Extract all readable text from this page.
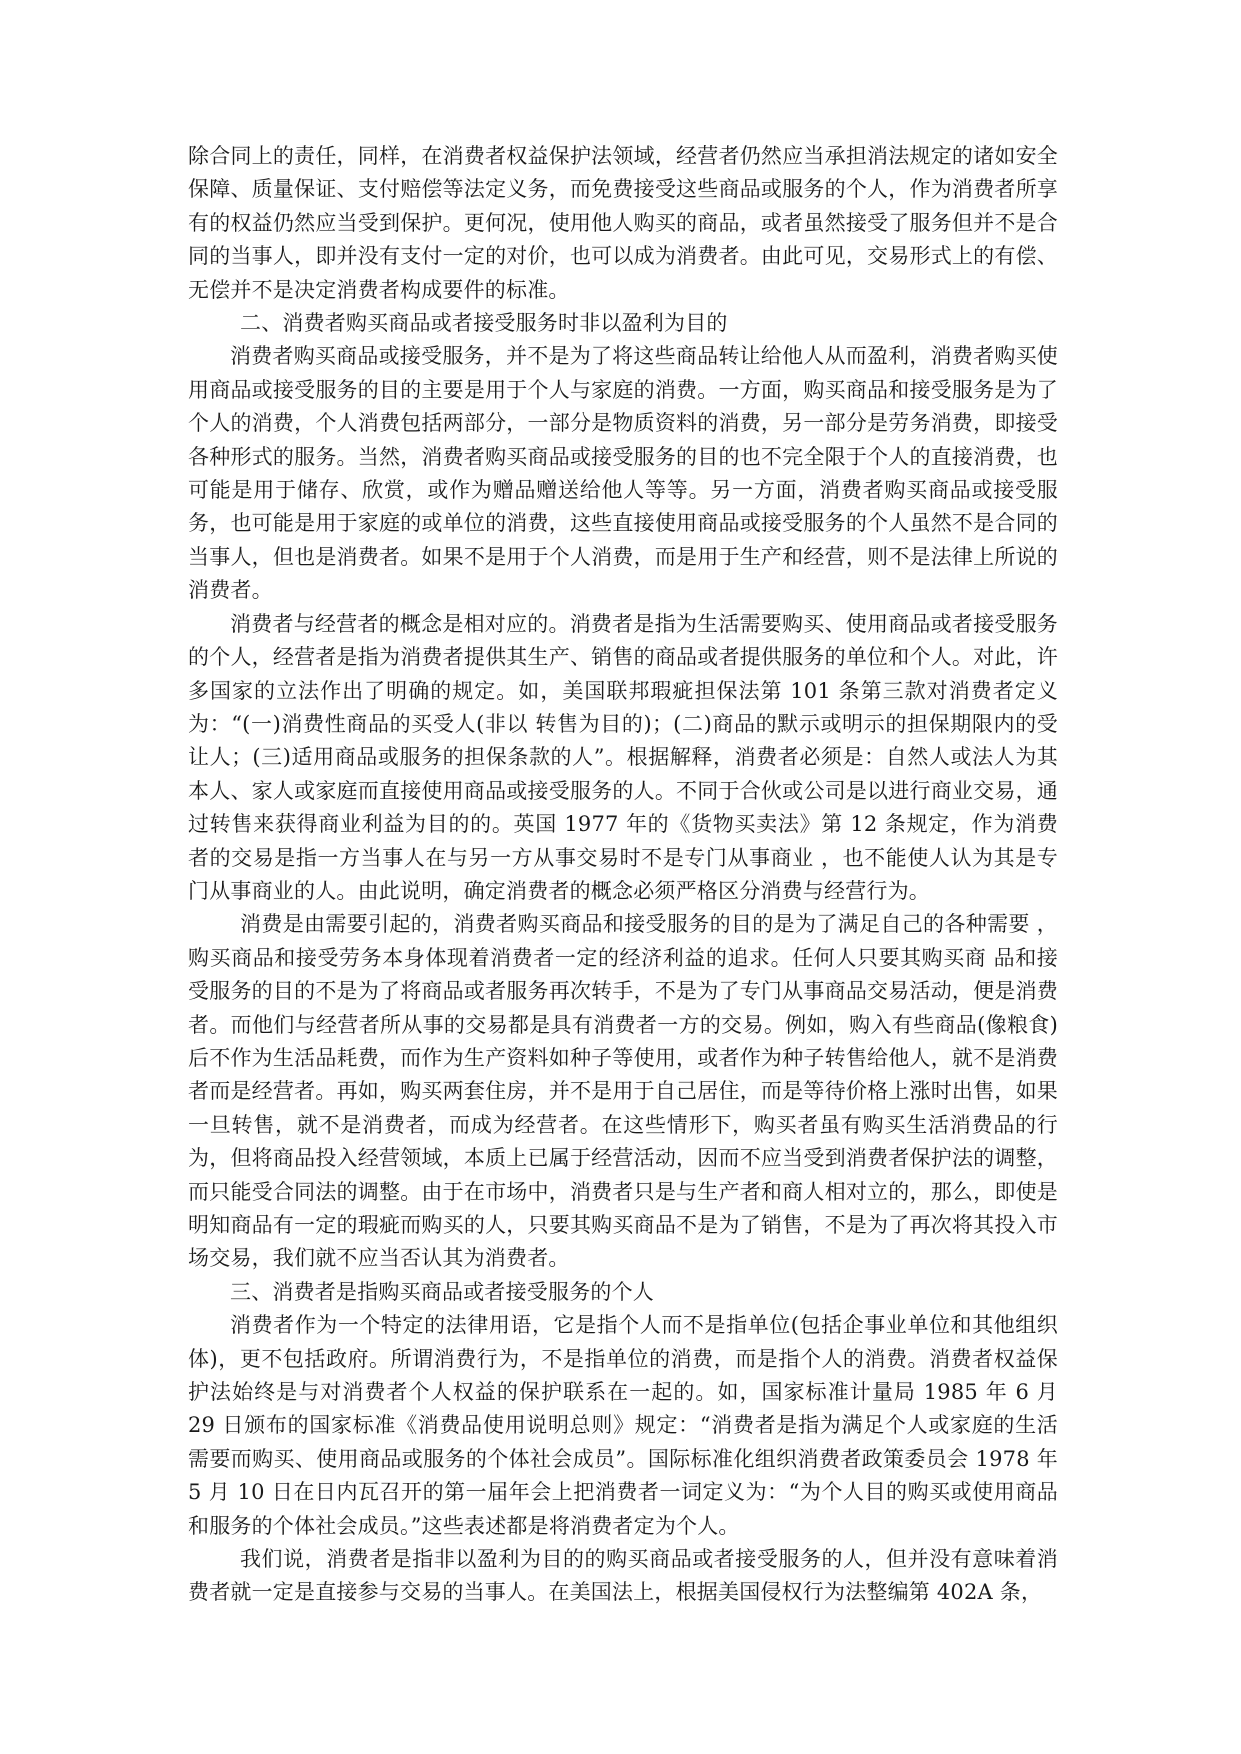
除合同上的责任，同样，在消费者权益保护法领域，经营者仍然应当承担消法规定的诸如安全保障、质量保证、支付赔偿等法定义务，而免费接受这些商品或服务的个人，作为消费者所享有的权益仍然应当受到保护。更何况，使用他人购买的商品，或者虽然接受了服务但并不是合同的当事人，即并没有支付一定的对价，也可以成为消费者。由此可见，交易形式上的有偿、无偿并不是决定消费者构成要件的标准。

二、消费者购买商品或者接受服务时非以盈利为目的

消费者购买商品或接受服务，并不是为了将这些商品转让给他人从而盈利，消费者购买使用商品或接受服务的目的主要是用于个人与家庭的消费。一方面，购买商品和接受服务是为了个人的消费，个人消费包括两部分，一部分是物质资料的消费，另一部分是劳务消费，即接受各种形式的服务。当然，消费者购买商品或接受服务的目的也不完全限于个人的直接消费，也可能是用于储存、欣赏，或作为赠品赠送给他人等等。另一方面，消费者购买商品或接受服务，也可能是用于家庭的或单位的消费，这些直接使用商品或接受服务的个人虽然不是合同的当事人，但也是消费者。如果不是用于个人消费，而是用于生产和经营，则不是法律上所说的消费者。

消费者与经营者的概念是相对应的。消费者是指为生活需要购买、使用商品或者接受服务的个人，经营者是指为消费者提供其生产、销售的商品或者提供服务的单位和个人。对此，许多国家的立法作出了明确的规定。如，美国联邦瑕疵担保法第 101 条第三款对消费者定义为：“(一)消费性商品的买受人(非以 转售为目的)；(二)商品的默示或明示的担保期限内的受让人；(三)适用商品或服务的担保条款的人”。根据解释，消费者必须是：自然人或法人为其本人、家人或家庭而直接使用商品或接受服务的人。不同于合伙或公司是以进行商业交易，通过转售来获得商业利益为目的的。英国 1977 年的《货物买卖法》第 12 条规定，作为消费者的交易是指一方当事人在与另一方从事交易时不是专门从事商业 ，也不能使人认为其是专门从事商业的人。由此说明，确定消费者的概念必须严格区分消费与经营行为。

消费是由需要引起的，消费者购买商品和接受服务的目的是为了满足自己的各种需要 ，购买商品和接受劳务本身体现着消费者一定的经济利益的追求。任何人只要其购买商 品和接受服务的目的不是为了将商品或者服务再次转手，不是为了专门从事商品交易活动，便是消费者。而他们与经营者所从事的交易都是具有消费者一方的交易。例如，购入有些商品(像粮食)后不作为生活品耗费，而作为生产资料如种子等使用，或者作为种子转售给他人，就不是消费者而是经营者。再如，购买两套住房，并不是用于自己居住，而是等待价格上涨时出售，如果一旦转售，就不是消费者，而成为经营者。在这些情形下，购买者虽有购买生活消费品的行为，但将商品投入经营领域，本质上已属于经营活动，因而不应当受到消费者保护法的调整，而只能受合同法的调整。由于在市场中，消费者只是与生产者和商人相对立的，那么，即使是明知商品有一定的瑕疵而购买的人，只要其购买商品不是为了销售，不是为了再次将其投入市场交易，我们就不应当否认其为消费者。

三、消费者是指购买商品或者接受服务的个人

消费者作为一个特定的法律用语，它是指个人而不是指单位(包括企事业单位和其他组织体)，更不包括政府。所谓消费行为，不是指单位的消费，而是指个人的消费。消费者权益保护法始终是与对消费者个人权益的保护联系在一起的。如，国家标准计量局 1985 年 6 月 29 日颁布的国家标准《消费品使用说明总则》规定：“消费者是指为满足个人或家庭的生活需要而购买、使用商品或服务的个体社会成员”。国际标准化组织消费者政策委员会 1978 年 5 月 10 日在日内瓦召开的第一届年会上把消费者一词定义为：“为个人目的购买或使用商品和服务的个体社会成员。”这些表述都是将消费者定为个人。

我们说，消费者是指非以盈利为目的的购买商品或者接受服务的人，但并没有意味着消费者就一定是直接参与交易的当事人。在美国法上，根据美国侵权行为法整编第 402A 条，
